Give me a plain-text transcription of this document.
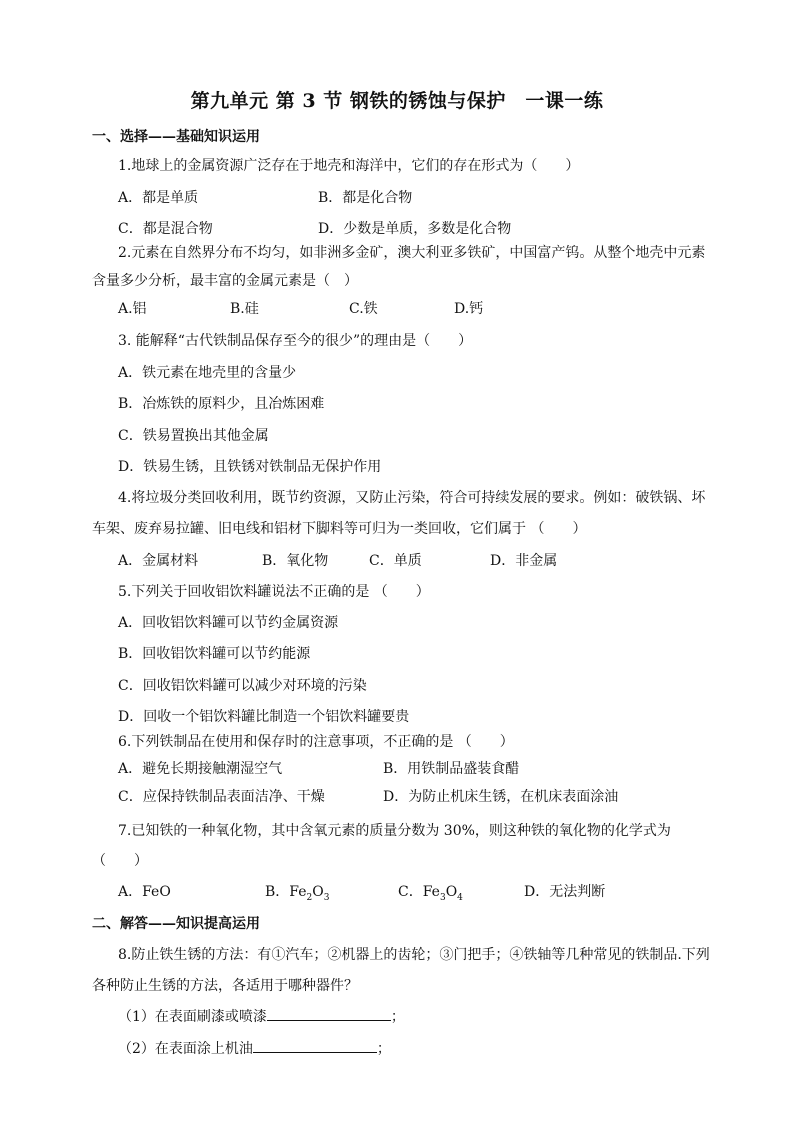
第九单元 第 3 节 钢铁的锈蚀与保护　一课一练
一、选择——基础知识运用
1.地球上的金属资源广泛存在于地壳和海洋中，它们的存在形式为（　　）
A．都是单质	B．都是化合物
C．都是混合物	D．少数是单质，多数是化合物
2.元素在自然界分布不均匀，如非洲多金矿，澳大利亚多铁矿，中国富产钨。从整个地壳中元素
含量多少分析，最丰富的金属元素是（　）
A.铝	B.硅	C.铁	D.钙
3. 能解释“古代铁制品保存至今的很少”的理由是（　　）
A．铁元素在地壳里的含量少
B．冶炼铁的原料少，且冶炼困难
C．铁易置换出其他金属
D．铁易生锈，且铁锈对铁制品无保护作用
4.将垃圾分类回收利用，既节约资源，又防止污染，符合可持续发展的要求。例如：破铁锅、坏
车架、废弃易拉罐、旧电线和铝材下脚料等可归为一类回收，它们属于 （　　）
A．金属材料	B．氧化物	C．单质	D．非金属
5.下列关于回收铝饮料罐说法不正确的是 （　　）
A．回收铝饮料罐可以节约金属资源
B．回收铝饮料罐可以节约能源
C．回收铝饮料罐可以减少对环境的污染
D．回收一个铝饮料罐比制造一个铝饮料罐要贵
6.下列铁制品在使用和保存时的注意事项，不正确的是 （　　）
A．避免长期接触潮湿空气	B．用铁制品盛装食醋
C．应保持铁制品表面洁净、干燥	D．为防止机床生锈，在机床表面涂油
7.已知铁的一种氧化物，其中含氧元素的质量分数为 30%，则这种铁的氧化物的化学式为
（　　）
A．FeO	B．$Fe_2O_3$	C．$Fe_3O_4$	D．无法判断
二、解答——知识提高运用
8.防止铁生锈的方法：有①汽车；②机器上的齿轮；③门把手；④铁轴等几种常见的铁制品.下列
各种防止生锈的方法，各适用于哪种器件？
（1）在表面刷漆或喷漆	；
（2）在表面涂上机油	；
